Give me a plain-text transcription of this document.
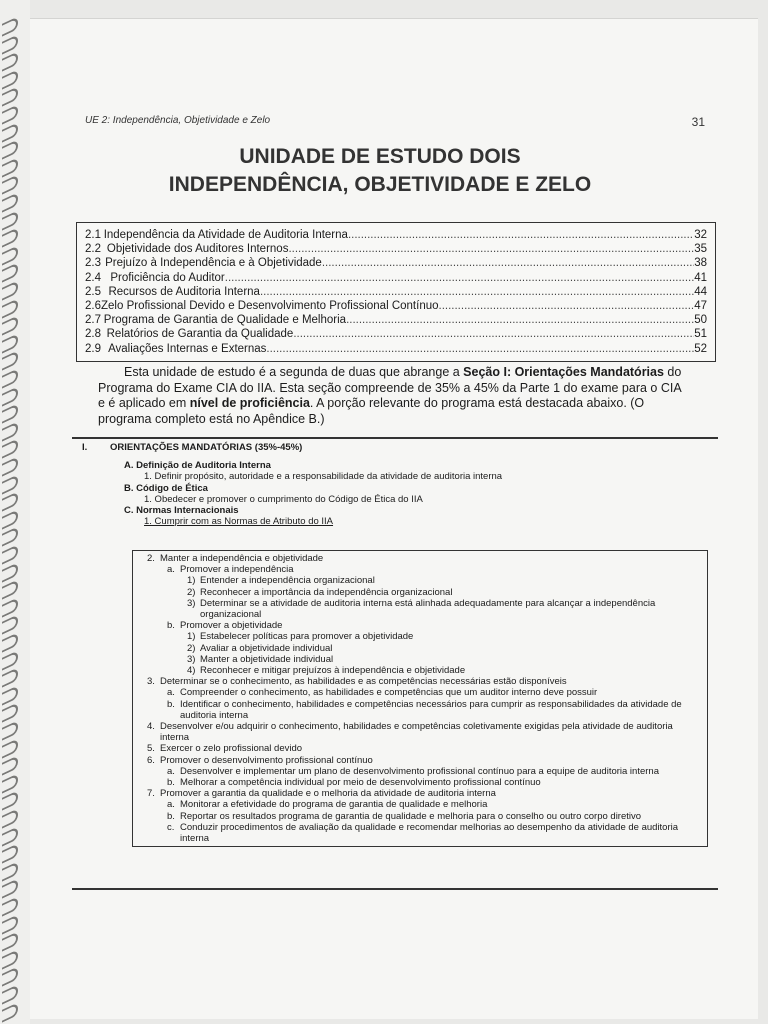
UE 2: Independência, Objetividade e Zelo	31
UNIDADE DE ESTUDO DOIS
INDEPENDÊNCIA, OBJETIVIDADE E ZELO
2.1 Independência da Atividade de Auditoria Interna .....	32
2.2 Objetividade dos Auditores Internos .....	35
2.3 Prejuízo à Independência e à Objetividade .....	38
2.4 Proficiência do Auditor .....	41
2.5 Recursos de Auditoria Interna .....	44
2.6 Zelo Profissional Devido e Desenvolvimento Profissional Contínuo .....	47
2.7 Programa de Garantia de Qualidade e Melhoria .....	50
2.8 Relatórios de Garantia da Qualidade .....	51
2.9 Avaliações Internas e Externas .....	52
Esta unidade de estudo é a segunda de duas que abrange a Seção I: Orientações Mandatórias do Programa do Exame CIA do IIA. Esta seção compreende de 35% a 45% da Parte 1 do exame para o CIA e é aplicado em nível de proficiência. A porção relevante do programa está destacada abaixo. (O programa completo está no Apêndice B.)
I. ORIENTAÇÕES MANDATÓRIAS (35%-45%)
A. Definição de Auditoria Interna
1. Definir propósito, autoridade e a responsabilidade da atividade de auditoria interna
B. Código de Ética
1. Obedecer e promover o cumprimento do Código de Ética do IIA
C. Normas Internacionais
1. Cumprir com as Normas de Atributo do IIA
2. Manter a independência e objetividade
a. Promover a independência
1) Entender a independência organizacional
2) Reconhecer a importância da independência organizacional
3) Determinar se a atividade de auditoria interna está alinhada adequadamente para alcançar a independência organizacional
b. Promover a objetividade
1) Estabelecer políticas para promover a objetividade
2) Avaliar a objetividade individual
3) Manter a objetividade individual
4) Reconhecer e mitigar prejuízos à independência e objetividade
3. Determinar se o conhecimento, as habilidades e as competências necessárias estão disponíveis
a. Compreender o conhecimento, as habilidades e competências que um auditor interno deve possuir
b. Identificar o conhecimento, habilidades e competências necessários para cumprir as responsabilidades da atividade de auditoria interna
4. Desenvolver e/ou adquirir o conhecimento, habilidades e competências coletivamente exigidas pela atividade de auditoria interna
5. Exercer o zelo profissional devido
6. Promover o desenvolvimento profissional contínuo
a. Desenvolver e implementar um plano de desenvolvimento profissional contínuo para a equipe de auditoria interna
b. Melhorar a competência individual por meio de desenvolvimento profissional contínuo
7. Promover a garantia da qualidade e o melhoria da atividade de auditoria interna
a. Monitorar a efetividade do programa de garantia de qualidade e melhoria
b. Reportar os resultados programa de garantia de qualidade e melhoria para o conselho ou outro corpo diretivo
c. Conduzir procedimentos de avaliação da qualidade e recomendar melhorias ao desempenho da atividade de auditoria interna
